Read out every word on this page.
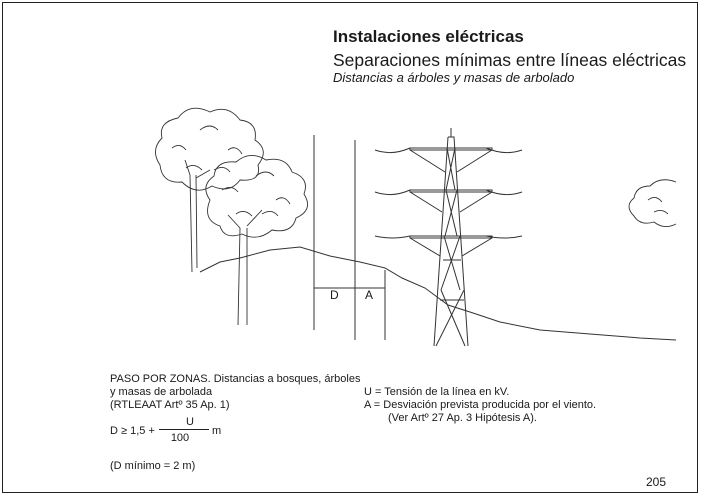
Instalaciones eléctricas
Separaciones mínimas entre líneas eléctricas
Distancias a árboles y masas de arbolado
D A
PASO POR ZONAS. Distancias a bosques, árboles
y masas de arbolada
(RTLEAAT Artº 35 Ap. 1)
D ≥ 1,5 +
U
100
m
(D mínimo = 2 m)
U = Tensión de la línea en kV.
A = Desviación prevista producida por el viento.
(Ver Artº 27 Ap. 3 Hipótesis A).
205
